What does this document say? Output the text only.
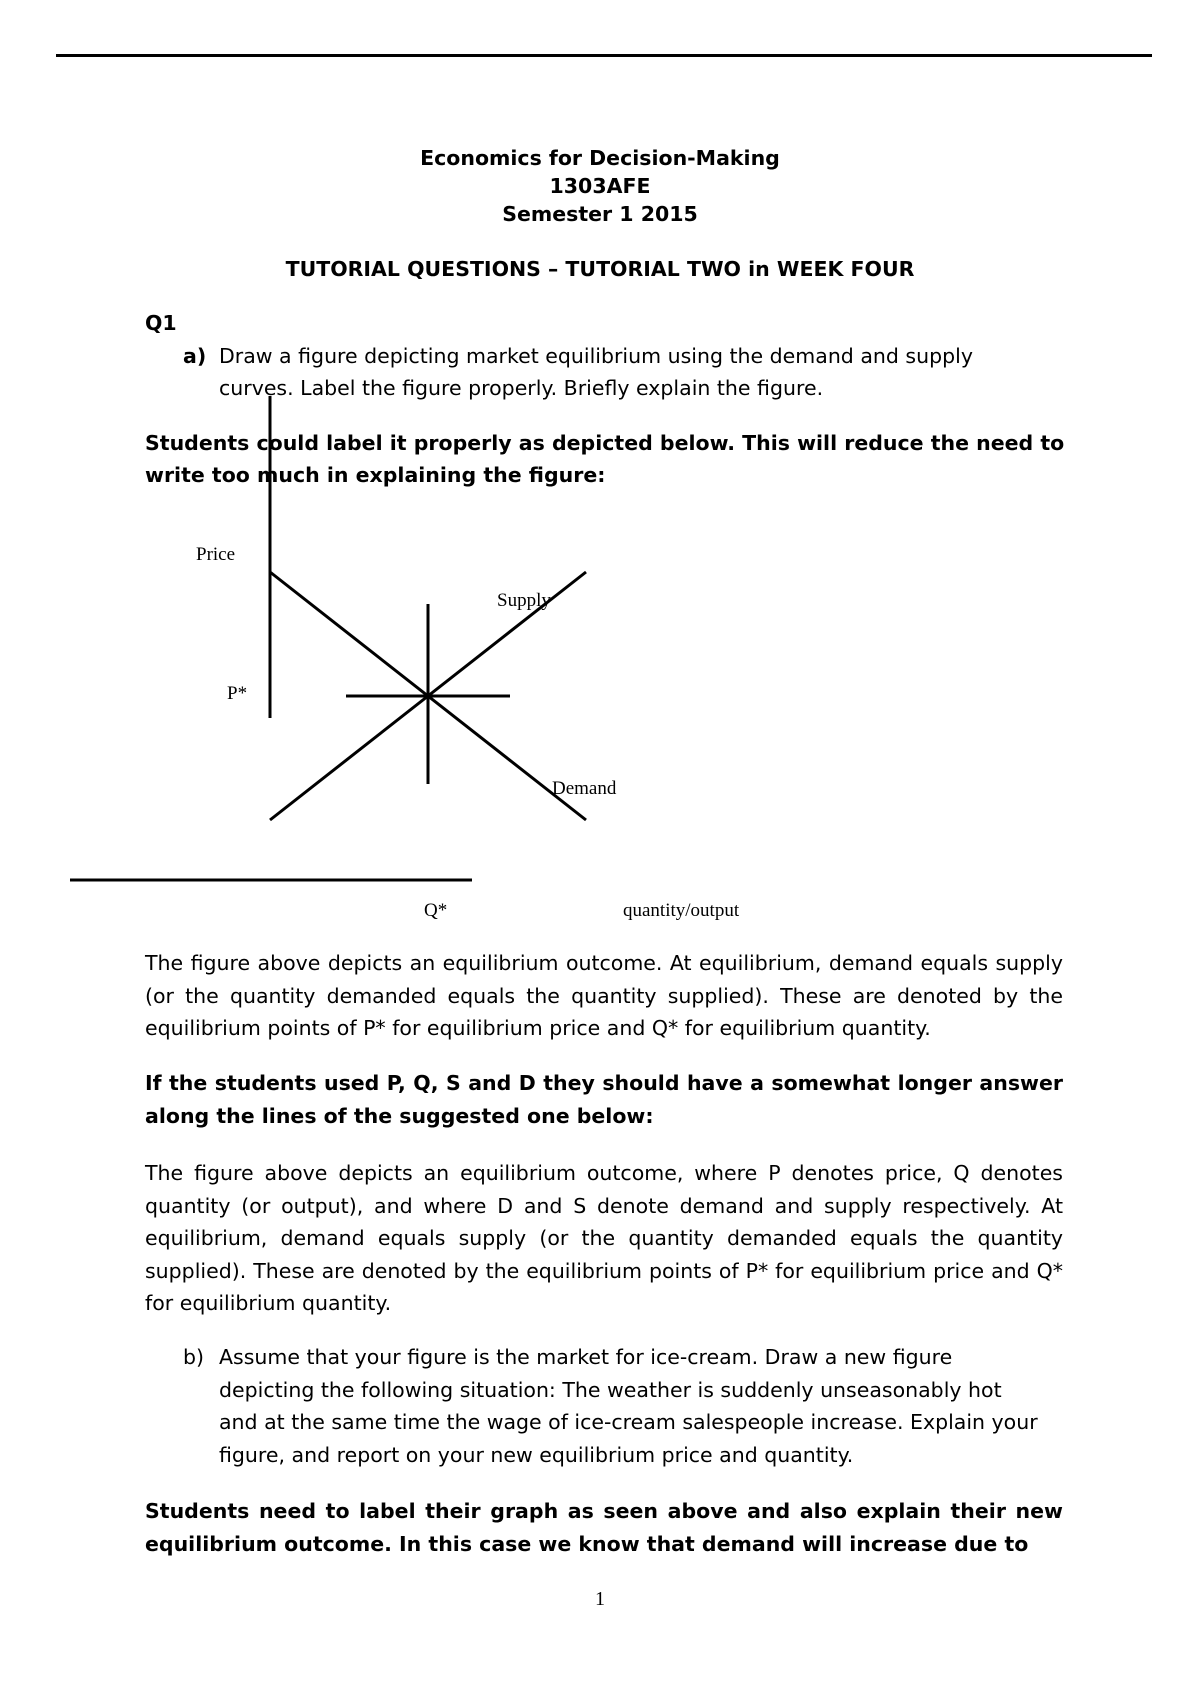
Economics for Decision-Making
1303AFE
Semester 1 2015
TUTORIAL QUESTIONS – TUTORIAL TWO in WEEK FOUR
Q1
a) Draw a figure depicting market equilibrium using the demand and supply
curves. Label the figure properly. Briefly explain the figure.
Students could label it properly as depicted below. This will reduce the need to
write too much in explaining the figure:
Price
Supply
Demand
P*
Q*	quantity/output
The figure above depicts an equilibrium outcome. At equilibrium, demand equals supply (or the quantity demanded equals the quantity supplied). These are denoted by the equilibrium points of P* for equilibrium price and Q* for equilibrium quantity.
If the students used P, Q, S and D they should have a somewhat longer answer along the lines of the suggested one below:
The figure above depicts an equilibrium outcome, where P denotes price, Q denotes quantity (or output), and where D and S denote demand and supply respectively. At equilibrium, demand equals supply (or the quantity demanded equals the quantity supplied). These are denoted by the equilibrium points of P* for equilibrium price and Q* for equilibrium quantity.
b) Assume that your figure is the market for ice-cream. Draw a new figure depicting the following situation: The weather is suddenly unseasonably hot and at the same time the wage of ice-cream salespeople increase. Explain your figure, and report on your new equilibrium price and quantity.
Students need to label their graph as seen above and also explain their new equilibrium outcome. In this case we know that demand will increase due to
1
